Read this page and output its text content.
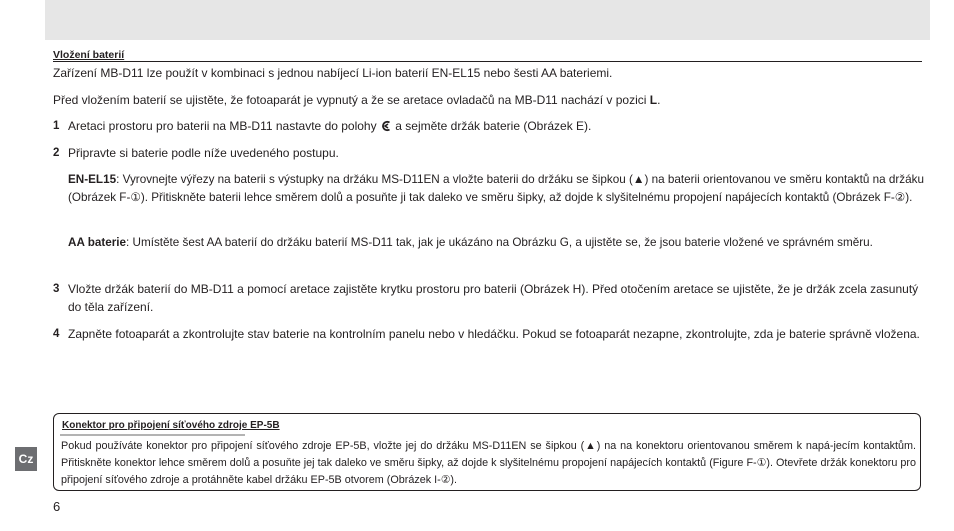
Vložení baterií

Zařízení MB-D11 lze použít v kombinaci s jednou nabíjecí Li-ion baterií EN-EL15 nebo šesti AA bateriemi.

Před vložením baterií se ujistěte, že fotoaparát je vypnutý a že se aretace ovladačů na MB-D11 nachází v pozici L.

1 Aretaci prostoru pro baterii na MB-D11 nastavte do polohy  a sejměte držák baterie (Obrázek E).

2 Připravte si baterie podle níže uvedeného postupu.

EN-EL15: Vyrovnejte výřezy na baterii s výstupky na držáku MS-D11EN a vložte baterii do držáku se šipkou (▲) na baterii orientovanou ve směru kontaktů na držáku (Obrázek F-①). Přitiskněte baterii lehce směrem dolů a posuňte ji tak daleko ve směru šipky, až dojde k slyšitelnému propojení napájecích kontaktů (Obrázek F-②).

AA baterie: Umístěte šest AA baterií do držáku baterií MS-D11 tak, jak je ukázáno na Obrázku G, a ujistěte se, že jsou baterie vložené ve správném směru.

3 Vložte držák baterií do MB-D11 a pomocí aretace zajistěte krytku prostoru pro baterii (Obrázek H). Před otočením aretace se ujistěte, že je držák zcela zasunutý do těla zařízení.

4 Zapněte fotoaparát a zkontrolujte stav baterie na kontrolním panelu nebo v hledáčku. Pokud se fotoaparát nezapne, zkontrolujte, zda je baterie správně vložena.

Konektor pro připojení síťového zdroje EP-5B

Pokud používáte konektor pro připojení síťového zdroje EP-5B, vložte jej do držáku MS-D11EN se šipkou (▲) na na konektoru orientovanou směrem k napá-jecím kontaktům. Přitiskněte konektor lehce směrem dolů a posuňte jej tak daleko ve směru šipky, až dojde k slyšitelnému propojení napájecích kontaktů (Figure F-①). Otevřete držák konektoru pro připojení síťového zdroje a protáhněte kabel držáku EP-5B otvorem (Obrázek I-②).

Cz
6
